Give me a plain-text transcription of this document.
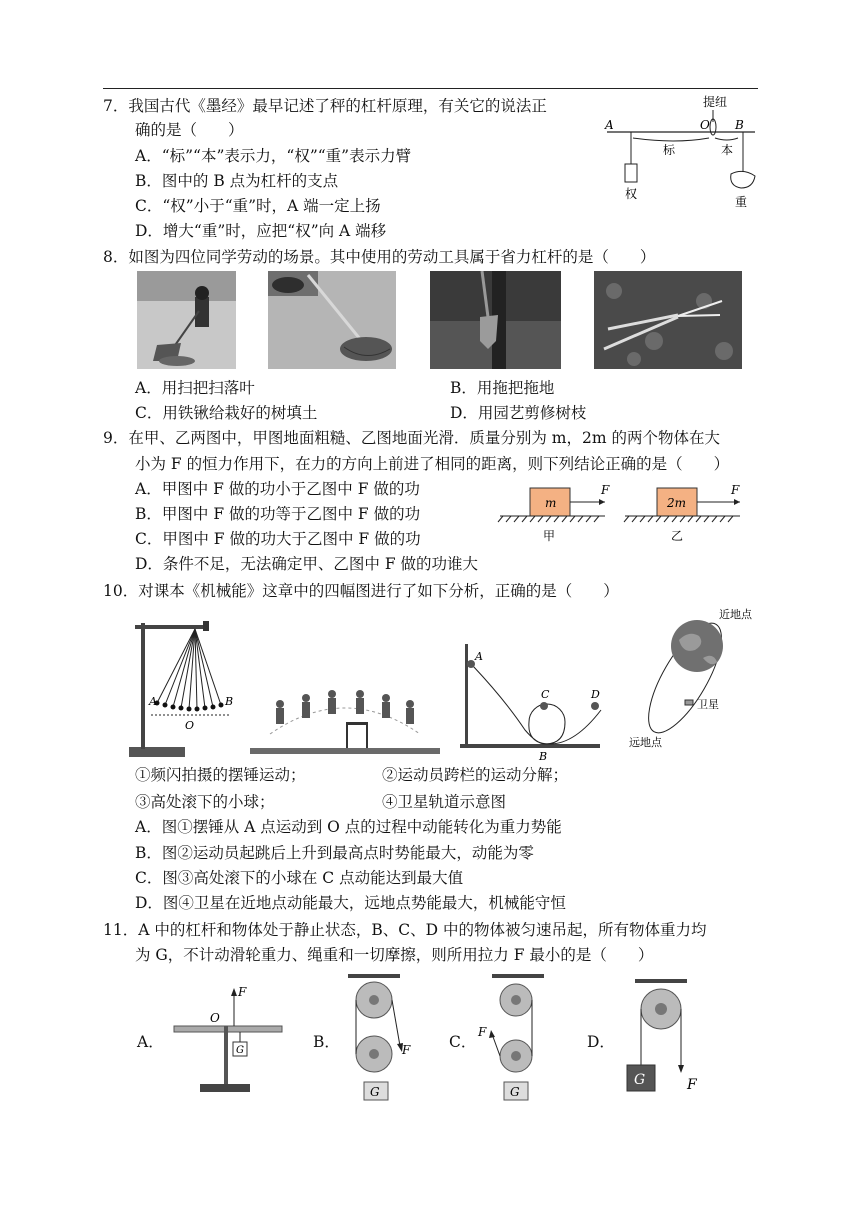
7．我国古代《墨经》最早记述了秤的杠杆原理，有关它的说法正
确的是（　　）
A．“标”“本”表示力，“权”“重”表示力臂
B．图中的 B 点为杠杆的支点
C．“权”小于“重”时，A 端一定上扬
D．增大“重”时，应把“权”向 A 端移
提纽
A	O B
标	本
权
重
8．如图为四位同学劳动的场景。其中使用的劳动工具属于省力杠杆的是（　　）
A．用扫把扫落叶	B．用拖把拖地
C．用铁锹给栽好的树填土	D．用园艺剪修树枝
9．在甲、乙两图中，甲图地面粗糙、乙图地面光滑．质量分别为 m，2m 的两个物体在大
小为 F 的恒力作用下，在力的方向上前进了相同的距离，则下列结论正确的是（　　）
A．甲图中 F 做的功小于乙图中 F 做的功
B．甲图中 F 做的功等于乙图中 F 做的功
C．甲图中 F 做的功大于乙图中 F 做的功
D．条件不足，无法确定甲、乙图中 F 做的功谁大
m
F
甲
2m
F
乙
10．对课本《机械能》这章中的四幅图进行了如下分析，正确的是（　　）
A	B
O
A
C	D
B
近地点
卫星
远地点
①频闪拍摄的摆锤运动；	②运动员跨栏的运动分解；
③高处滚下的小球；	④卫星轨道示意图
A．图①摆锤从 A 点运动到 O 点的过程中动能转化为重力势能
B．图②运动员起跳后上升到最高点时势能最大，动能为零
C．图③高处滚下的小球在 C 点动能达到最大值
D．图④卫星在近地点动能最大，远地点势能最大，机械能守恒
11．A 中的杠杆和物体处于静止状态，B、C、D 中的物体被匀速吊起，所有物体重力均
为 G，不计动滑轮重力、绳重和一切摩擦，则所用拉力 F 最小的是（　　）
A．	B．	C．	D．
F
O
G	F
G
F
G	F
G
